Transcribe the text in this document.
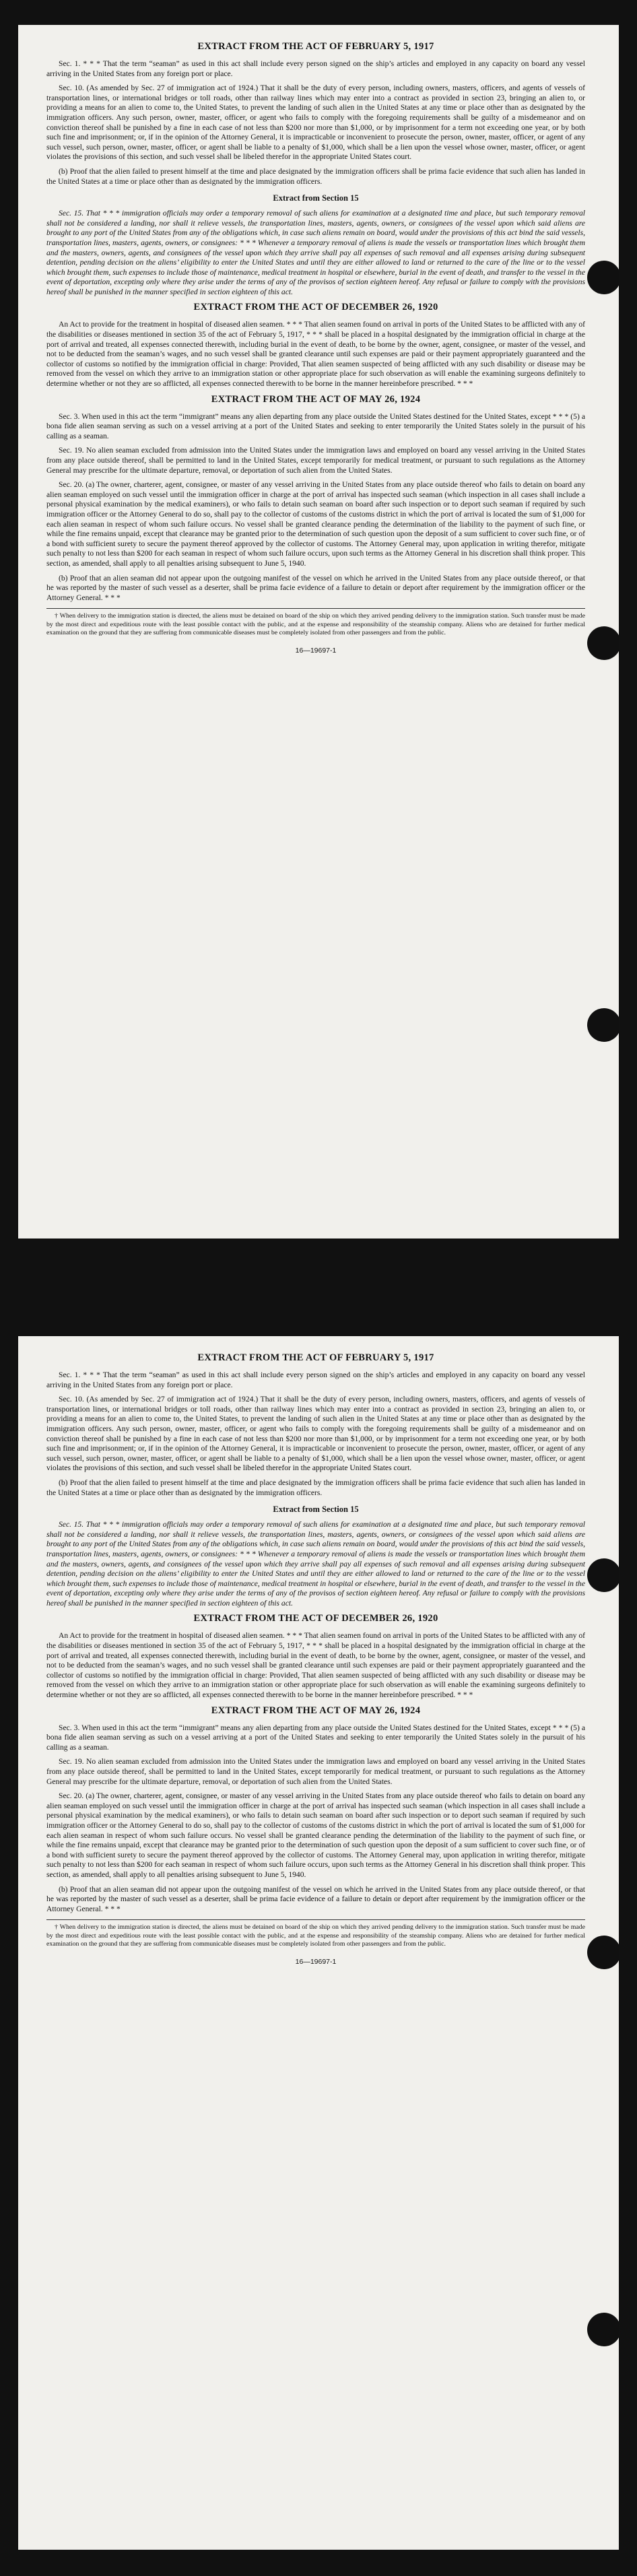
EXTRACT FROM THE ACT OF FEBRUARY 5, 1917

Sec. 1. * * * That the term “seaman” as used in this act shall include every person signed on the ship’s articles and employed in any capacity on board any vessel arriving in the United States from any foreign port or place.

Sec. 10. (As amended by Sec. 27 of immigration act of 1924.) That it shall be the duty of every person, including owners, masters, officers, and agents of vessels of transportation lines, or international bridges or toll roads, other than railway lines which may enter into a contract as provided in section 23, bringing an alien to, or providing a means for an alien to come to, the United States, to prevent the landing of such alien in the United States at any time or place other than as designated by the immigration officers. Any such person, owner, master, officer, or agent who fails to comply with the foregoing requirements shall be guilty of a misdemeanor and on conviction thereof shall be punished by a fine in each case of not less than $200 nor more than $1,000, or by imprisonment for a term not exceeding one year, or by both such fine and imprisonment; or, if in the opinion of the Attorney General, it is impracticable or inconvenient to prosecute the person, owner, master, officer, or agent of any such vessel, such person, owner, master, officer, or agent shall be liable to a penalty of $1,000, which shall be a lien upon the vessel whose owner, master, officer, or agent violates the provisions of this section, and such vessel shall be libeled therefor in the appropriate United States court.

(b) Proof that the alien failed to present himself at the time and place designated by the immigration officers shall be prima facie evidence that such alien has landed in the United States at a time or place other than as designated by the immigration officers.

Extract from Section 15

Sec. 15. That * * * immigration officials may order a temporary removal of such aliens for examination at a designated time and place, but such temporary removal shall not be considered a landing, nor shall it relieve vessels, the transportation lines, masters, agents, owners, or consignees of the vessel upon which said aliens are brought to any port of the United States from any of the obligations which, in case such aliens remain on board, would under the provisions of this act bind the said vessels, transportation lines, masters, agents, owners, or consignees: * * * Whenever a temporary removal of aliens is made the vessels or transportation lines which brought them and the masters, owners, agents, and consignees of the vessel upon which they arrive shall pay all expenses of such removal and all expenses arising during subsequent detention, pending decision on the aliens’ eligibility to enter the United States and until they are either allowed to land or returned to the care of the line or to the vessel which brought them, such expenses to include those of maintenance, medical treatment in hospital or elsewhere, burial in the event of death, and transfer to the vessel in the event of deportation, excepting only where they arise under the terms of any of the provisos of section eighteen hereof. Any refusal or failure to comply with the provisions hereof shall be punished in the manner specified in section eighteen of this act.

EXTRACT FROM THE ACT OF DECEMBER 26, 1920

An Act to provide for the treatment in hospital of diseased alien seamen. * * * That alien seamen found on arrival in ports of the United States to be afflicted with any of the disabilities or diseases mentioned in section 35 of the act of February 5, 1917, * * * shall be placed in a hospital designated by the immigration official in charge at the port of arrival and treated, all expenses connected therewith, including burial in the event of death, to be borne by the owner, agent, consignee, or master of the vessel, and not to be deducted from the seaman’s wages, and no such vessel shall be granted clearance until such expenses are paid or their payment appropriately guaranteed and the collector of customs so notified by the immigration official in charge: Provided, That alien seamen suspected of being afflicted with any such disability or disease may be removed from the vessel on which they arrive to an immigration station or other appropriate place for such observation as will enable the examining surgeons definitely to determine whether or not they are so afflicted, all expenses connected therewith to be borne in the manner hereinbefore prescribed. * * *

EXTRACT FROM THE ACT OF MAY 26, 1924

Sec. 3. When used in this act the term “immigrant” means any alien departing from any place outside the United States destined for the United States, except * * * (5) a bona fide alien seaman serving as such on a vessel arriving at a port of the United States and seeking to enter temporarily the United States solely in the pursuit of his calling as a seaman.

Sec. 19. No alien seaman excluded from admission into the United States under the immigration laws and employed on board any vessel arriving in the United States from any place outside thereof, shall be permitted to land in the United States, except temporarily for medical treatment, or pursuant to such regulations as the Attorney General may prescribe for the ultimate departure, removal, or deportation of such alien from the United States.

Sec. 20. (a) The owner, charterer, agent, consignee, or master of any vessel arriving in the United States from any place outside thereof who fails to detain on board any alien seaman employed on such vessel until the immigration officer in charge at the port of arrival has inspected such seaman (which inspection in all cases shall include a personal physical examination by the medical examiners), or who fails to detain such seaman on board after such inspection or to deport such seaman if required by such immigration officer or the Attorney General to do so, shall pay to the collector of customs of the customs district in which the port of arrival is located the sum of $1,000 for each alien seaman in respect of whom such failure occurs. No vessel shall be granted clearance pending the determination of the liability to the payment of such fine, or while the fine remains unpaid, except that clearance may be granted prior to the determination of such question upon the deposit of a sum sufficient to cover such fine, or of a bond with sufficient surety to secure the payment thereof approved by the collector of customs. The Attorney General may, upon application in writing therefor, mitigate such penalty to not less than $200 for each seaman in respect of whom such failure occurs, upon such terms as the Attorney General in his discretion shall think proper. This section, as amended, shall apply to all penalties arising subsequent to June 5, 1940.

(b) Proof that an alien seaman did not appear upon the outgoing manifest of the vessel on which he arrived in the United States from any place outside thereof, or that he was reported by the master of such vessel as a deserter, shall be prima facie evidence of a failure to detain or deport after requirement by the immigration officer or the Attorney General. * * *

† When delivery to the immigration station is directed, the aliens must be detained on board of the ship on which they arrived pending delivery to the immigration station. Such transfer must be made by the most direct and expeditious route with the least possible contact with the public, and at the expense and responsibility of the steamship company. Aliens who are detained for further medical examination on the ground that they are suffering from communicable diseases must be completely isolated from other passengers and from the public.

16—19697-1
EXTRACT FROM THE ACT OF FEBRUARY 5, 1917

Sec. 1. * * * That the term “seaman” as used in this act shall include every person signed on the ship’s articles and employed in any capacity on board any vessel arriving in the United States from any foreign port or place.

Sec. 10. (As amended by Sec. 27 of immigration act of 1924.) That it shall be the duty of every person, including owners, masters, officers, and agents of vessels of transportation lines, or international bridges or toll roads, other than railway lines which may enter into a contract as provided in section 23, bringing an alien to, or providing a means for an alien to come to, the United States, to prevent the landing of such alien in the United States at any time or place other than as designated by the immigration officers. Any such person, owner, master, officer, or agent who fails to comply with the foregoing requirements shall be guilty of a misdemeanor and on conviction thereof shall be punished by a fine in each case of not less than $200 nor more than $1,000, or by imprisonment for a term not exceeding one year, or by both such fine and imprisonment; or, if in the opinion of the Attorney General, it is impracticable or inconvenient to prosecute the person, owner, master, officer, or agent of any such vessel, such person, owner, master, officer, or agent shall be liable to a penalty of $1,000, which shall be a lien upon the vessel whose owner, master, officer, or agent violates the provisions of this section, and such vessel shall be libeled therefor in the appropriate United States court.

(b) Proof that the alien failed to present himself at the time and place designated by the immigration officers shall be prima facie evidence that such alien has landed in the United States at a time or place other than as designated by the immigration officers.

Extract from Section 15

Sec. 15. That * * * immigration officials may order a temporary removal of such aliens for examination at a designated time and place, but such temporary removal shall not be considered a landing, nor shall it relieve vessels, the transportation lines, masters, agents, owners, or consignees of the vessel upon which said aliens are brought to any port of the United States from any of the obligations which, in case such aliens remain on board, would under the provisions of this act bind the said vessels, transportation lines, masters, agents, owners, or consignees: * * * Whenever a temporary removal of aliens is made the vessels or transportation lines which brought them and the masters, owners, agents, and consignees of the vessel upon which they arrive shall pay all expenses of such removal and all expenses arising during subsequent detention, pending decision on the aliens’ eligibility to enter the United States and until they are either allowed to land or returned to the care of the line or to the vessel which brought them, such expenses to include those of maintenance, medical treatment in hospital or elsewhere, burial in the event of death, and transfer to the vessel in the event of deportation, excepting only where they arise under the terms of any of the provisos of section eighteen hereof. Any refusal or failure to comply with the provisions hereof shall be punished in the manner specified in section eighteen of this act.

EXTRACT FROM THE ACT OF DECEMBER 26, 1920

An Act to provide for the treatment in hospital of diseased alien seamen. * * * That alien seamen found on arrival in ports of the United States to be afflicted with any of the disabilities or diseases mentioned in section 35 of the act of February 5, 1917, * * * shall be placed in a hospital designated by the immigration official in charge at the port of arrival and treated, all expenses connected therewith, including burial in the event of death, to be borne by the owner, agent, consignee, or master of the vessel, and not to be deducted from the seaman’s wages, and no such vessel shall be granted clearance until such expenses are paid or their payment appropriately guaranteed and the collector of customs so notified by the immigration official in charge: Provided, That alien seamen suspected of being afflicted with any such disability or disease may be removed from the vessel on which they arrive to an immigration station or other appropriate place for such observation as will enable the examining surgeons definitely to determine whether or not they are so afflicted, all expenses connected therewith to be borne in the manner hereinbefore prescribed. * * *

EXTRACT FROM THE ACT OF MAY 26, 1924

Sec. 3. When used in this act the term “immigrant” means any alien departing from any place outside the United States destined for the United States, except * * * (5) a bona fide alien seaman serving as such on a vessel arriving at a port of the United States and seeking to enter temporarily the United States solely in the pursuit of his calling as a seaman.

Sec. 19. No alien seaman excluded from admission into the United States under the immigration laws and employed on board any vessel arriving in the United States from any place outside thereof, shall be permitted to land in the United States, except temporarily for medical treatment, or pursuant to such regulations as the Attorney General may prescribe for the ultimate departure, removal, or deportation of such alien from the United States.

Sec. 20. (a) The owner, charterer, agent, consignee, or master of any vessel arriving in the United States from any place outside thereof who fails to detain on board any alien seaman employed on such vessel until the immigration officer in charge at the port of arrival has inspected such seaman (which inspection in all cases shall include a personal physical examination by the medical examiners), or who fails to detain such seaman on board after such inspection or to deport such seaman if required by such immigration officer or the Attorney General to do so, shall pay to the collector of customs of the customs district in which the port of arrival is located the sum of $1,000 for each alien seaman in respect of whom such failure occurs. No vessel shall be granted clearance pending the determination of the liability to the payment of such fine, or while the fine remains unpaid, except that clearance may be granted prior to the determination of such question upon the deposit of a sum sufficient to cover such fine, or of a bond with sufficient surety to secure the payment thereof approved by the collector of customs. The Attorney General may, upon application in writing therefor, mitigate such penalty to not less than $200 for each seaman in respect of whom such failure occurs, upon such terms as the Attorney General in his discretion shall think proper. This section, as amended, shall apply to all penalties arising subsequent to June 5, 1940.

(b) Proof that an alien seaman did not appear upon the outgoing manifest of the vessel on which he arrived in the United States from any place outside thereof, or that he was reported by the master of such vessel as a deserter, shall be prima facie evidence of a failure to detain or deport after requirement by the immigration officer or the Attorney General. * * *

† When delivery to the immigration station is directed, the aliens must be detained on board of the ship on which they arrived pending delivery to the immigration station. Such transfer must be made by the most direct and expeditious route with the least possible contact with the public, and at the expense and responsibility of the steamship company. Aliens who are detained for further medical examination on the ground that they are suffering from communicable diseases must be completely isolated from other passengers and from the public.

16—19697-1
